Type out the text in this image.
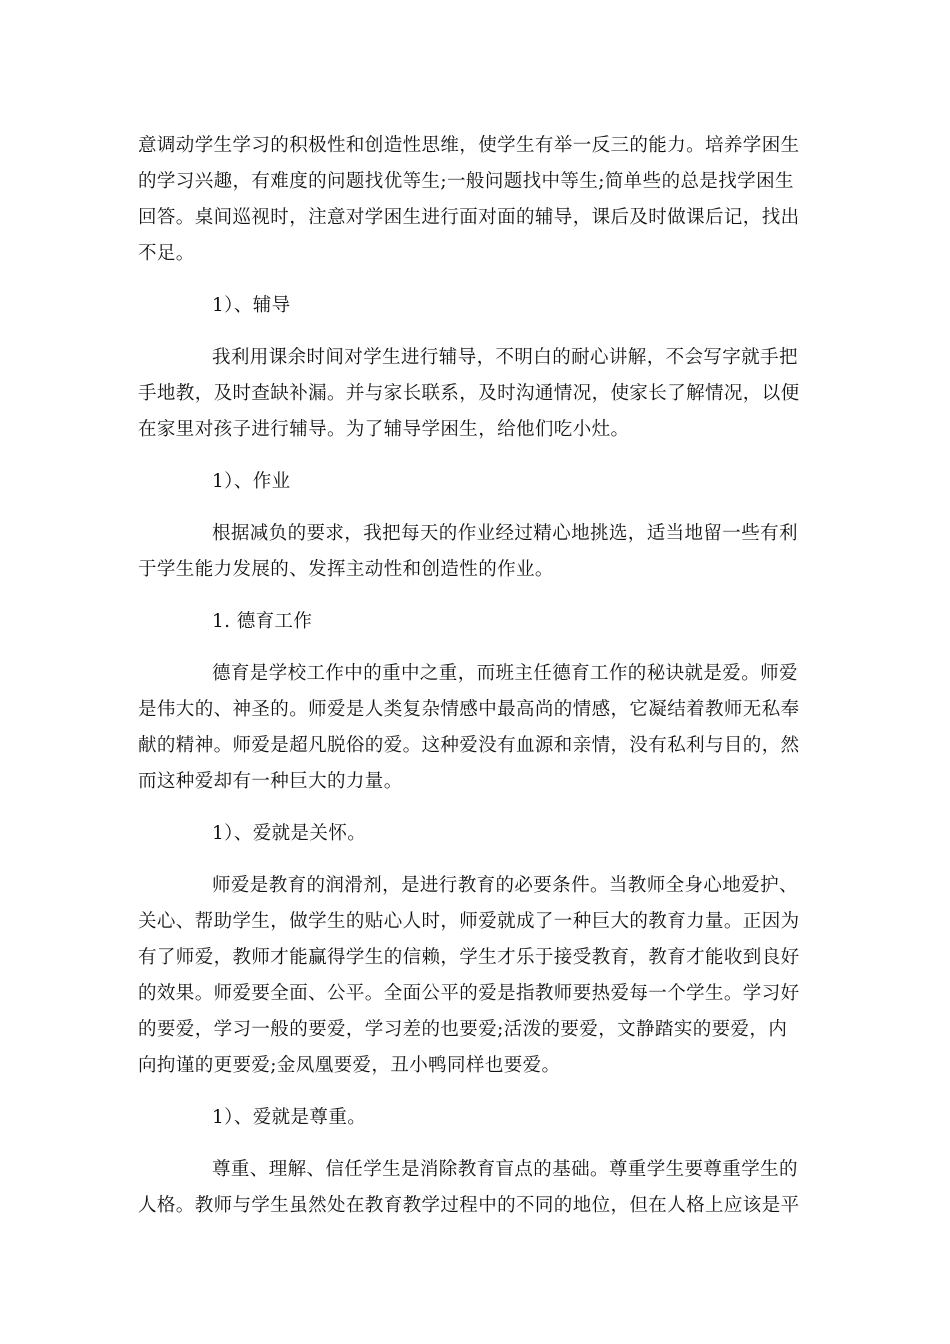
意调动学生学习的积极性和创造性思维，使学生有举一反三的能力。培养学困生
的学习兴趣，有难度的问题找优等生;一般问题找中等生;简单些的总是找学困生
回答。桌间巡视时，注意对学困生进行面对面的辅导，课后及时做课后记，找出
不足。
1）、辅导
我利用课余时间对学生进行辅导，不明白的耐心讲解，不会写字就手把
手地教，及时查缺补漏。并与家长联系，及时沟通情况，使家长了解情况，以便
在家里对孩子进行辅导。为了辅导学困生，给他们吃小灶。
1）、作业
根据减负的要求，我把每天的作业经过精心地挑选，适当地留一些有利
于学生能力发展的、发挥主动性和创造性的作业。
1. 德育工作
德育是学校工作中的重中之重，而班主任德育工作的秘诀就是爱。师爱
是伟大的、神圣的。师爱是人类复杂情感中最高尚的情感，它凝结着教师无私奉
献的精神。师爱是超凡脱俗的爱。这种爱没有血源和亲情，没有私利与目的，然
而这种爱却有一种巨大的力量。
1）、爱就是关怀。
师爱是教育的润滑剂，是进行教育的必要条件。当教师全身心地爱护、
关心、帮助学生，做学生的贴心人时，师爱就成了一种巨大的教育力量。正因为
有了师爱，教师才能赢得学生的信赖，学生才乐于接受教育，教育才能收到良好
的效果。师爱要全面、公平。全面公平的爱是指教师要热爱每一个学生。学习好
的要爱，学习一般的要爱，学习差的也要爱;活泼的要爱，文静踏实的要爱，内
向拘谨的更要爱;金凤凰要爱，丑小鸭同样也要爱。
1）、爱就是尊重。
尊重、理解、信任学生是消除教育盲点的基础。尊重学生要尊重学生的
人格。教师与学生虽然处在教育教学过程中的不同的地位，但在人格上应该是平
